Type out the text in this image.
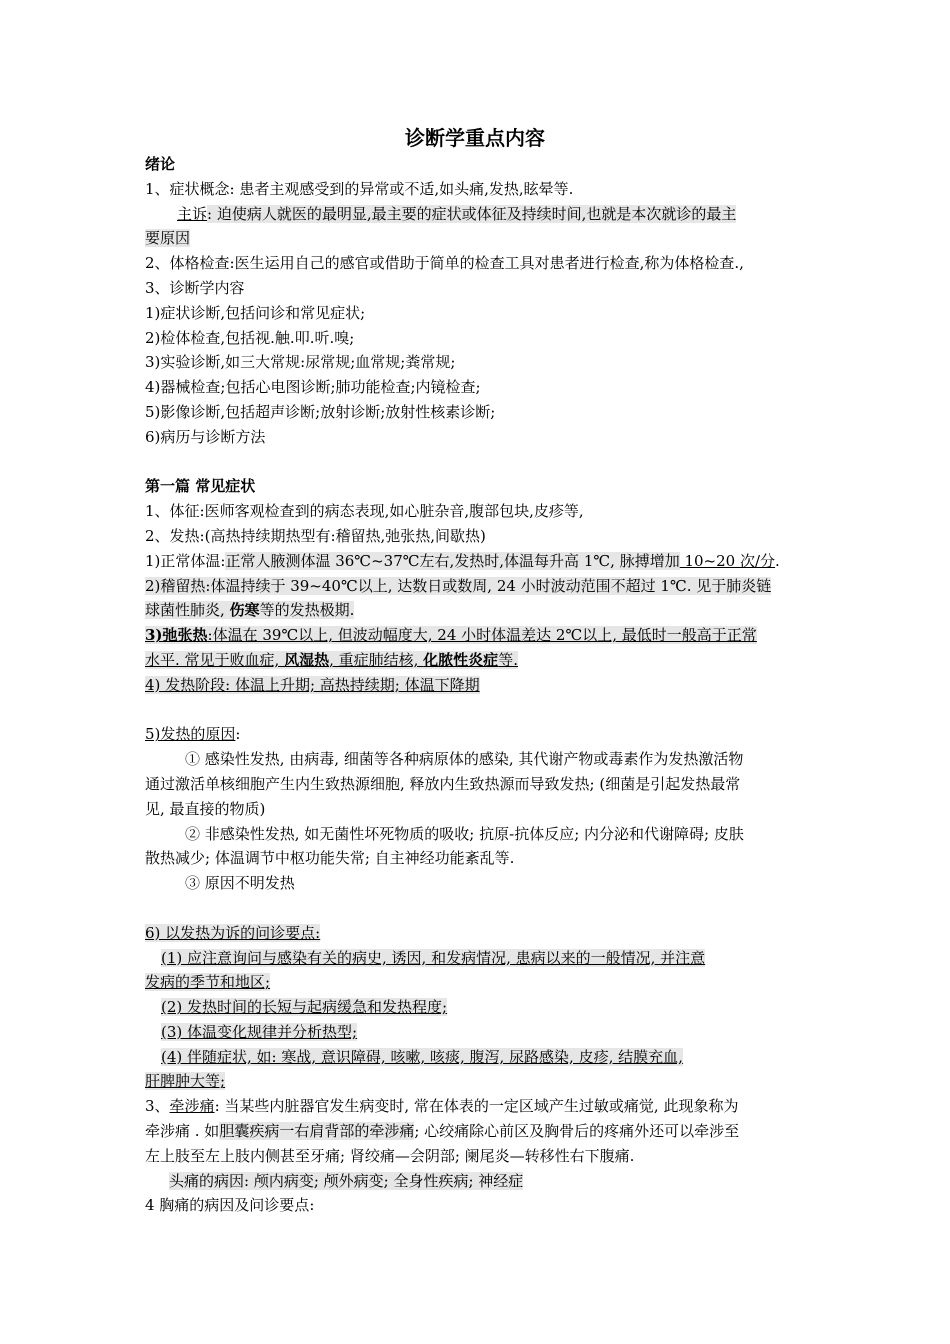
诊断学重点内容
绪论
1、症状概念: 患者主观感受到的异常或不适,如头痛,发热,眩晕等.
主诉: 迫使病人就医的最明显,最主要的症状或体征及持续时间,也就是本次就诊的最主
要原因
2、体格检查:医生运用自己的感官或借助于简单的检查工具对患者进行检查,称为体格检查.,
3、诊断学内容
1)症状诊断,包括问诊和常见症状;
2)检体检查,包括视.触.叩.听.嗅;
3)实验诊断,如三大常规:尿常规;血常规;粪常规;
4)器械检查;包括心电图诊断;肺功能检查;内镜检查;
5)影像诊断,包括超声诊断;放射诊断;放射性核素诊断;
6)病历与诊断方法
第一篇 常见症状
1、体征:医师客观检查到的病态表现,如心脏杂音,腹部包块,皮疹等,
2、发热:(高热持续期热型有:稽留热,弛张热,间歇热)
1)正常体温:正常人腋测体温 36℃~37℃左右,发热时,体温每升高 1℃, 脉搏增加 10~20 次/分.
2)稽留热:体温持续于 39~40℃以上, 达数日或数周, 24 小时波动范围不超过 1℃. 见于肺炎链
球菌性肺炎, 伤寒等的发热极期.
3)弛张热:体温在 39℃以上, 但波动幅度大, 24 小时体温差达 2℃以上, 最低时一般高于正常
水平. 常见于败血症, 风湿热, 重症肺结核, 化脓性炎症等.
4) 发热阶段: 体温上升期; 高热持续期; 体温下降期
5)发热的原因:
① 感染性发热, 由病毒, 细菌等各种病原体的感染, 其代谢产物或毒素作为发热激活物
通过激活单核细胞产生内生致热源细胞, 释放内生致热源而导致发热; (细菌是引起发热最常
见, 最直接的物质)
② 非感染性发热, 如无菌性坏死物质的吸收; 抗原-抗体反应; 内分泌和代谢障碍; 皮肤
散热减少; 体温调节中枢功能失常; 自主神经功能紊乱等.
③ 原因不明发热
6) 以发热为诉的问诊要点:
(1) 应注意询问与感染有关的病史, 诱因, 和发病情况, 患病以来的一般情况, 并注意
发病的季节和地区;
(2) 发热时间的长短与起病缓急和发热程度;
(3) 体温变化规律并分析热型;
(4) 伴随症状, 如: 寒战, 意识障碍, 咳嗽, 咳痰, 腹泻, 尿路感染, 皮疹, 结膜充血,
肝脾肿大等;
3、牵涉痛: 当某些内脏器官发生病变时, 常在体表的一定区域产生过敏或痛觉, 此现象称为
牵涉痛 . 如胆囊疾病一右肩背部的牵涉痛; 心绞痛除心前区及胸骨后的疼痛外还可以牵涉至
左上肢至左上肢内侧甚至牙痛; 肾绞痛—会阴部; 阑尾炎—转移性右下腹痛.
头痛的病因: 颅内病变; 颅外病变; 全身性疾病; 神经症
4 胸痛的病因及问诊要点:
